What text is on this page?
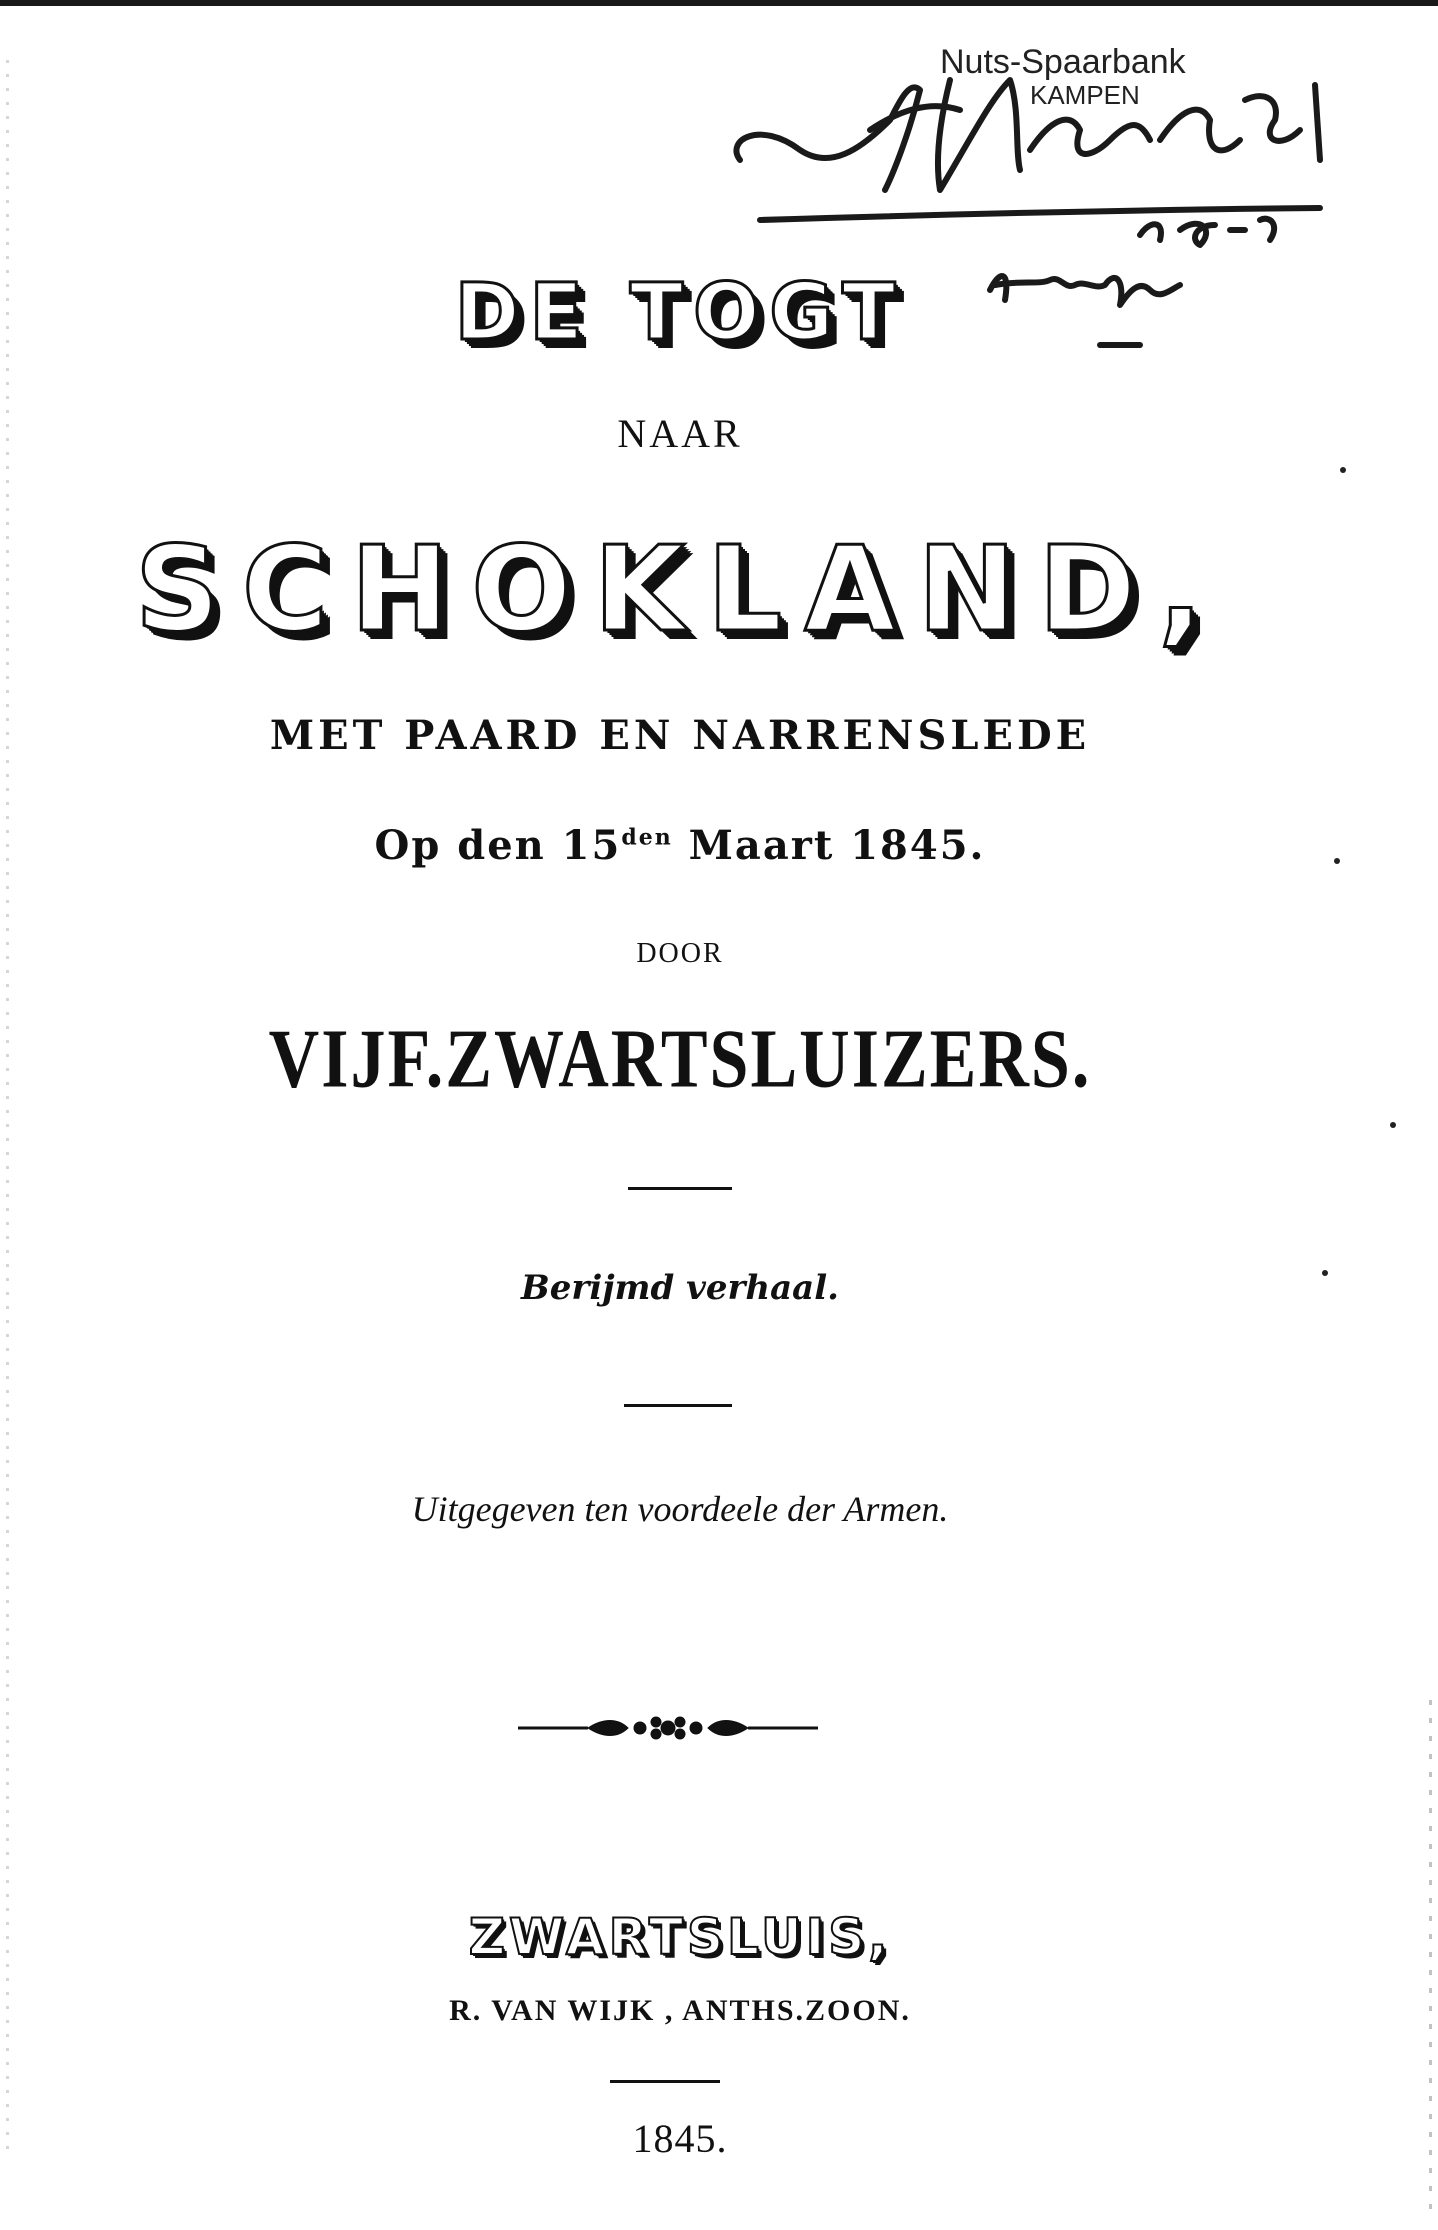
Nuts-Spaarbank
KAMPEN
DE TOGT
NAAR
SCHOKLAND,
MET PAARD EN NARRENSLEDE
Op den $15^{den}$ Maart 1845.
DOOR
VIJF.ZWARTSLUIZERS.
Berijmd verhaal.
Uitgegeven ten voordeele der Armen.
ZWARTSLUIS,
R. VAN WIJK , ANTHS.ZOON.
1845.
